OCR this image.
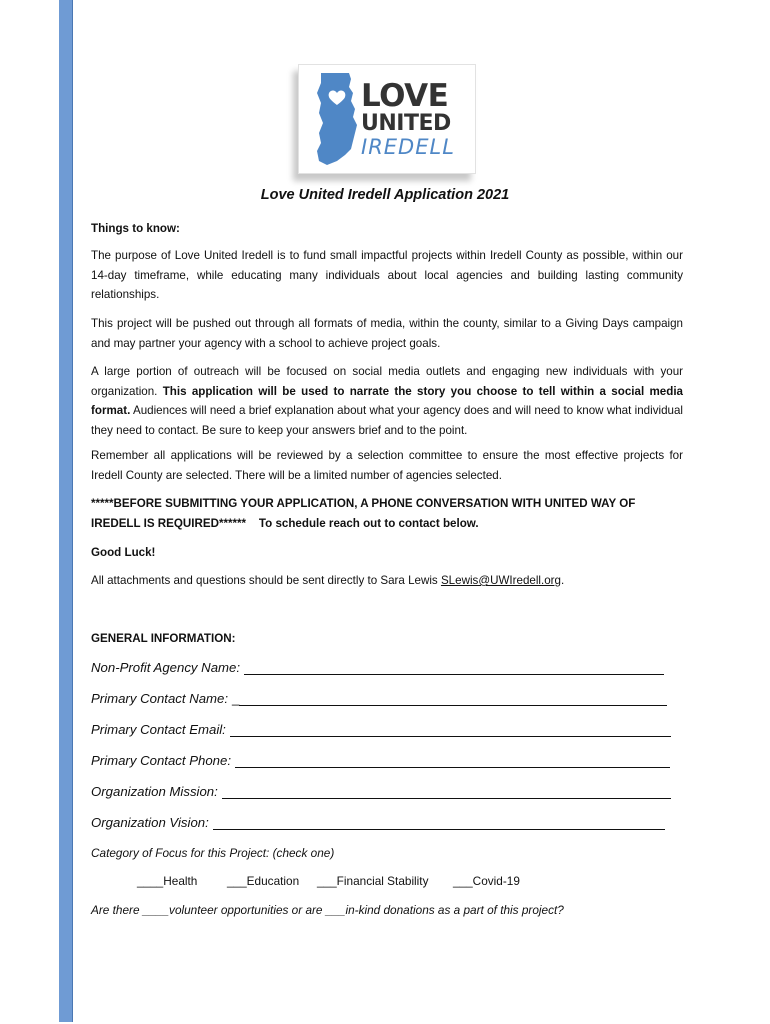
LOVE
UNITED
IREDELL
Love United Iredell Application 2021

Things to know:

The purpose of Love United Iredell is to fund small impactful projects within Iredell County as possible, within our 14-day timeframe, while educating many individuals about local agencies and building lasting community relationships.

This project will be pushed out through all formats of media, within the county, similar to a Giving Days campaign and may partner your agency with a school to achieve project goals.

A large portion of outreach will be focused on social media outlets and engaging new individuals with your organization. This application will be used to narrate the story you choose to tell within a social media format. Audiences will need a brief explanation about what your agency does and will need to know what individual they need to contact. Be sure to keep your answers brief and to the point.

Remember all applications will be reviewed by a selection committee to ensure the most effective projects for Iredell County are selected. There will be a limited number of agencies selected.

*****BEFORE SUBMITTING YOUR APPLICATION, A PHONE CONVERSATION WITH UNITED WAY OF IREDELL IS REQUIRED******    To schedule reach out to contact below.

Good Luck!

All attachments and questions should be sent directly to Sara Lewis SLewis@UWIredell.org.

GENERAL INFORMATION:

Non-Profit Agency Name:
Primary Contact Name: _
Primary Contact Email:
Primary Contact Phone:
Organization Mission:
Organization Vision:
Category of Focus for this Project: (check one)
____Health	___Education ___Financial Stability ___Covid-19
Are there ____volunteer opportunities or are ___in-kind donations as a part of this project?
